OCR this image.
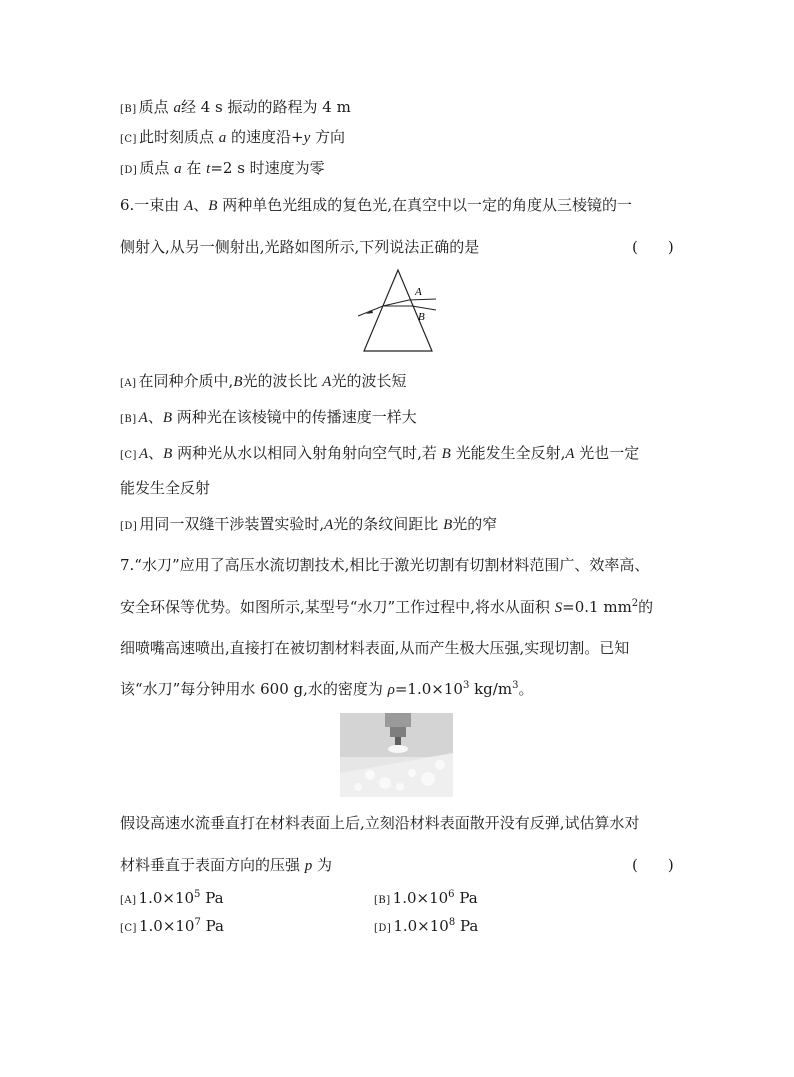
[B] 质点 a经 4 s 振动的路程为 4 m
[C] 此时刻质点 a 的速度沿+y 方向
[D] 质点 a 在 t=2 s 时速度为零
6.一束由 A、B 两种单色光组成的复色光,在真空中以一定的角度从三棱镜的一
侧射入,从另一侧射出,光路如图所示,下列说法正确的是	(　　)
A
B
[A] 在同种介质中,B光的波长比 A光的波长短
[B] A、B 两种光在该棱镜中的传播速度一样大
[C] A、B 两种光从水以相同入射角射向空气时,若 B 光能发生全反射,A 光也一定
能发生全反射
[D] 用同一双缝干涉装置实验时,A光的条纹间距比 B光的窄
7.“水刀”应用了高压水流切割技术,相比于激光切割有切割材料范围广、效率高、
安全环保等优势。如图所示,某型号“水刀”工作过程中,将水从面积 S=0.1 $mm^2$的
细喷嘴高速喷出,直接打在被切割材料表面,从而产生极大压强,实现切割。已知
该“水刀”每分钟用水 600 g,水的密度为 $\rho=1.0\times 10^3$ $kg/m^3$。
假设高速水流垂直打在材料表面上后,立刻沿材料表面散开没有反弹,试估算水对
材料垂直于表面方向的压强 p 为	(　　)
[A] $1.0\times 10^5$ Pa	[B] $1.0\times 10^6$ Pa
[C] $1.0\times 10^7$ Pa	[D] $1.0\times 10^8$ Pa
